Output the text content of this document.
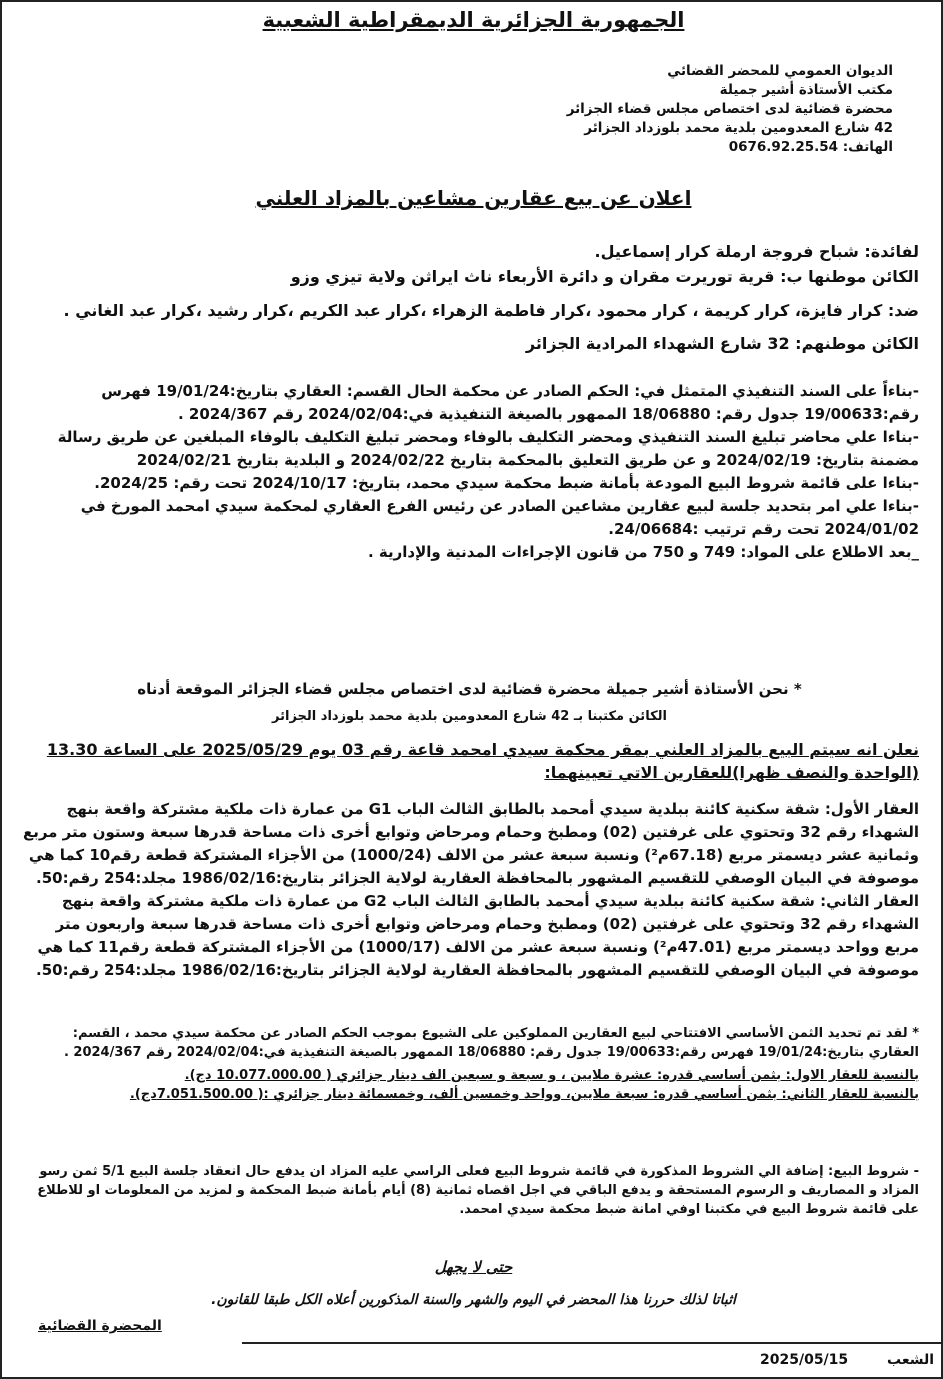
الجمهورية الجزائرية الديمقراطية الشعبية
الديوان العمومي للمحضر القضائي
مكتب الأستاذة أشير جميلة
محضرة قضائية لدى اختصاص مجلس قضاء الجزائر
42 شارع المعدومين بلدية محمد بلوزداد الجزائر
الهاتف: 0676.92.25.54
اعلان عن بيع عقارين مشاعين بالمزاد العلني

لفائدة: شباح فروجة ارملة كرار إسماعيل.

الكائن موطنها ب: قرية توريرت مقران و دائرة الأربعاء ناث ايراثن ولاية تيزي وزو

ضد: كرار فايزة، كرار كريمة ، كرار محمود ،كرار فاطمة الزهراء ،كرار عبد الكريم ،كرار رشيد ،كرار عبد الغاني .

الكائن موطنهم: 32 شارع الشهداء المرادية الجزائر

-بناءاً على السند التنفيذي المتمثل في: الحكم الصادر عن محكمة الحال القسم: العقاري بتاريخ:19/01/24 فهرس رقم:19/00633 جدول رقم: 18/06880 الممهور بالصيغة التنفيذية في:2024/02/04 رقم 2024/367 .

-بناءا علي محاضر تبليغ السند التنفيذي ومحضر التكليف بالوفاء ومحضر تبليغ التكليف بالوفاء المبلغين عن طريق رسالة مضمنة بتاريخ: 2024/02/19 و عن طريق التعليق بالمحكمة بتاريخ 2024/02/22 و البلدية بتاريخ 2024/02/21

-بناءا على قائمة شروط البيع المودعة بأمانة ضبط محكمة سيدي محمد، بتاريخ: 2024/10/17 تحت رقم: 2024/25.

-بناءا علي امر بتحديد جلسة لبيع عقارين مشاعين الصادر عن رئيس الفرع العقاري لمحكمة سيدي امحمد المورخ في 2024/01/02 تحت رقم ترتيب :24/06684.

_بعد الاطلاع على المواد: 749 و 750 من قانون الإجراءات المدنية والإدارية .

* نحن الأستاذة أشير جميلة محضرة قضائية لدى اختصاص مجلس قضاء الجزائر الموقعة أدناه

الكائن مكتبنا بـ 42 شارع المعدومين بلدية محمد بلوزداد الجزائر

نعلن انه سيتم البيع بالمزاد العلني بمقر محكمة سيدي امحمد قاعة رقم 03 يوم 2025/05/29 على الساعة 13.30 (الواحدة والنصف ظهرا)للعقارين الاتي تعيينهما:

العقار الأول: شقة سكنية كائنة ببلدية سيدي أمحمد بالطابق الثالث الباب G1 من عمارة ذات ملكية مشتركة واقعة بنهج الشهداء رقم 32 وتحتوي على غرفتين (02) ومطبخ وحمام ومرحاض وتوابع أخرى ذات مساحة قدرها سبعة وستون متر مربع وثمانية عشر ديسمتر مربع (67.18م²) ونسبة سبعة عشر من الالف (1000/24) من الأجزاء المشتركة قطعة رقم10 كما هي موصوفة في البيان الوصفي للتقسيم المشهور بالمحافظة العقارية لولاية الجزائر بتاريخ:1986/02/16 مجلد:254 رقم:50.

العقار الثاني: شقة سكنية كائنة ببلدية سيدي أمحمد بالطابق الثالث الباب G2 من عمارة ذات ملكية مشتركة واقعة بنهج الشهداء رقم 32 وتحتوي على غرفتين (02) ومطبخ وحمام ومرحاض وتوابع أخرى ذات مساحة قدرها سبعة واربعون متر مربع وواحد ديسمتر مربع (47.01م²) ونسبة سبعة عشر من الالف (1000/17) من الأجزاء المشتركة قطعة رقم11 كما هي موصوفة في البيان الوصفي للتقسيم المشهور بالمحافظة العقارية لولاية الجزائر بتاريخ:1986/02/16 مجلد:254 رقم:50.

* لقد تم تحديد الثمن الأساسي الافتتاحي لبيع العقارين المملوكين على الشيوع بموجب الحكم الصادر عن محكمة سيدي محمد ، القسم: العقاري بتاريخ:19/01/24 فهرس رقم:19/00633 جدول رقم: 18/06880 الممهور بالصيغة التنفيذية في:2024/02/04 رقم 2024/367 .

بالنسبة للعقار الاول: بثمن أساسي قدره: عشرة ملايين ، و سبعة و سبعين الف دينار جزائري ( 10.077.000.00 دج).

بالنسبة للعقار الثاني: بثمن أساسي قدره: سبعة ملايين، وواحد وخمسين ألف، وخمسمائة دينار جزائري :( 7.051.500.00دج).

- شروط البيع: إضافة الي الشروط المذكورة في قائمة شروط البيع فعلى الراسي عليه المزاد ان يدفع حال انعقاد جلسة البيع 5/1 ثمن رسو المزاد و المصاريف و الرسوم المستحقة و يدفع الباقي في اجل اقصاه ثمانية (8) أيام بأمانة ضبط المحكمة و لمزيد من المعلومات او للاطلاع على قائمة شروط البيع في مكتبنا اوفي امانة ضبط محكمة سيدي امحمد.

حتى لا يجهل
اثباتا لذلك حررنا هذا المحضر في اليوم والشهر والسنة المذكورين أعلاه الكل طبقا للقانون.
المحضرة القضائية
2025/05/15	الشعب
